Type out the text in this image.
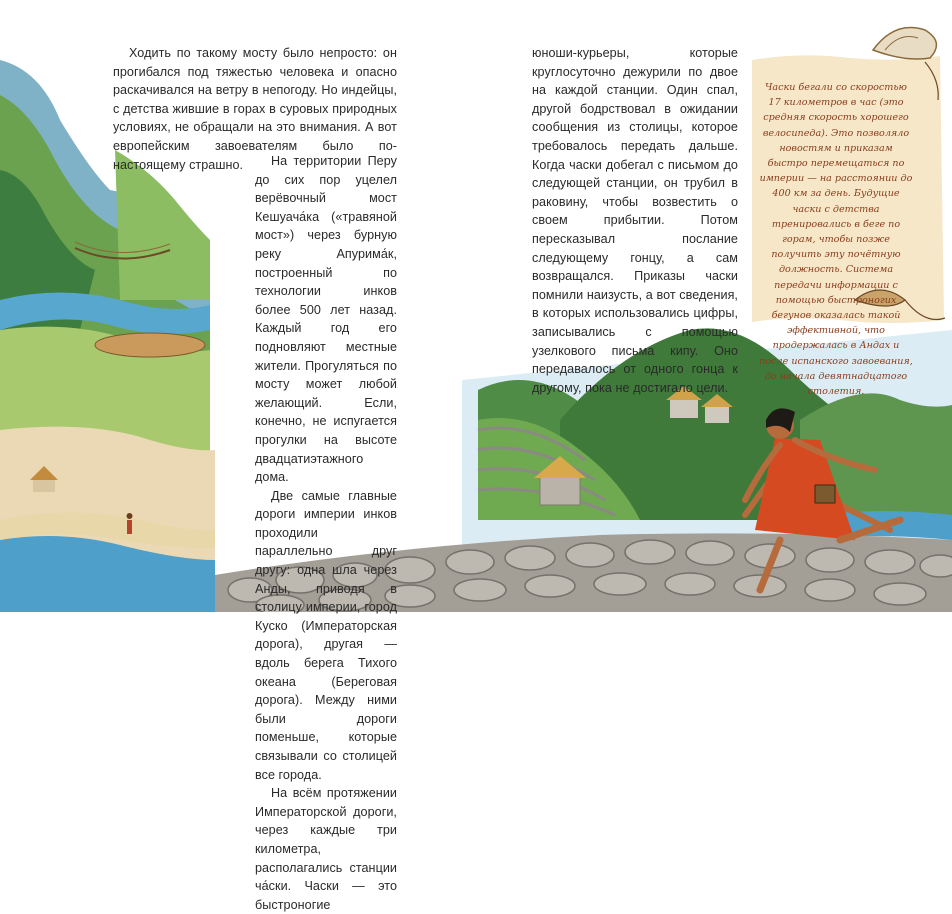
Ходить по такому мосту было непросто: он прогибался под тяжестью человека и опасно раскачивался на ветру в непогоду. Но индейцы, с детства жившие в горах в суровых природных условиях, не обращали на это внимания. А вот европейским завоевателям было по-настоящему страшно.	На территории Перу до сих пор уцелел верёвочный мост Кешуача́ка («травяной мост») через бурную реку Апурима́к, построенный по технологии инков более 500 лет назад. Каждый год его подновляют местные жители. Прогуляться по мосту может любой желающий. Если, конечно, не испугается прогулки на высоте двадцатиэтажного дома.

Две самые главные дороги империи инков проходили параллельно друг другу: одна шла через Анды, приводя в столицу империи, город Куско (Императорская дорога), другая — вдоль берега Тихого океана (Береговая дорога). Между ними были дороги поменьше, которые связывали со столицей все города.

На всём протяжении Императорской дороги, через каждые три километра, располагались станции ча́ски. Часки — это быстроногие

юноши-курьеры, которые круглосуточно дежурили по двое на каждой станции. Один спал, другой бодрствовал в ожидании сообщения из столицы, которое требовалось передать дальше. Когда часки добегал с письмом до следующей станции, он трубил в раковину, чтобы возвестить о своем прибытии. Потом пересказывал послание следующему гонцу, а сам возвращался. Приказы часки помнили наизусть, а вот сведения, в которых использовались цифры, записывались с помощью узелкового письма кипу. Оно передавалось от одного гонца к другому, пока не достигало цели.

Часки бегали со скоростью 17 километров в час (это средняя скорость хорошего велосипеда). Это позволяло новостям и приказам быстро перемещаться по империи — на расстоянии до 400 км за день. Будущие часки с детства тренировались в беге по горам, чтобы позже получить эту почётную должность. Система передачи информации с помощью быстроногих бегунов оказалась такой эффективной, что продержалась в Андах и после испанского завоевания, до начала девятнадцатого столетия.
